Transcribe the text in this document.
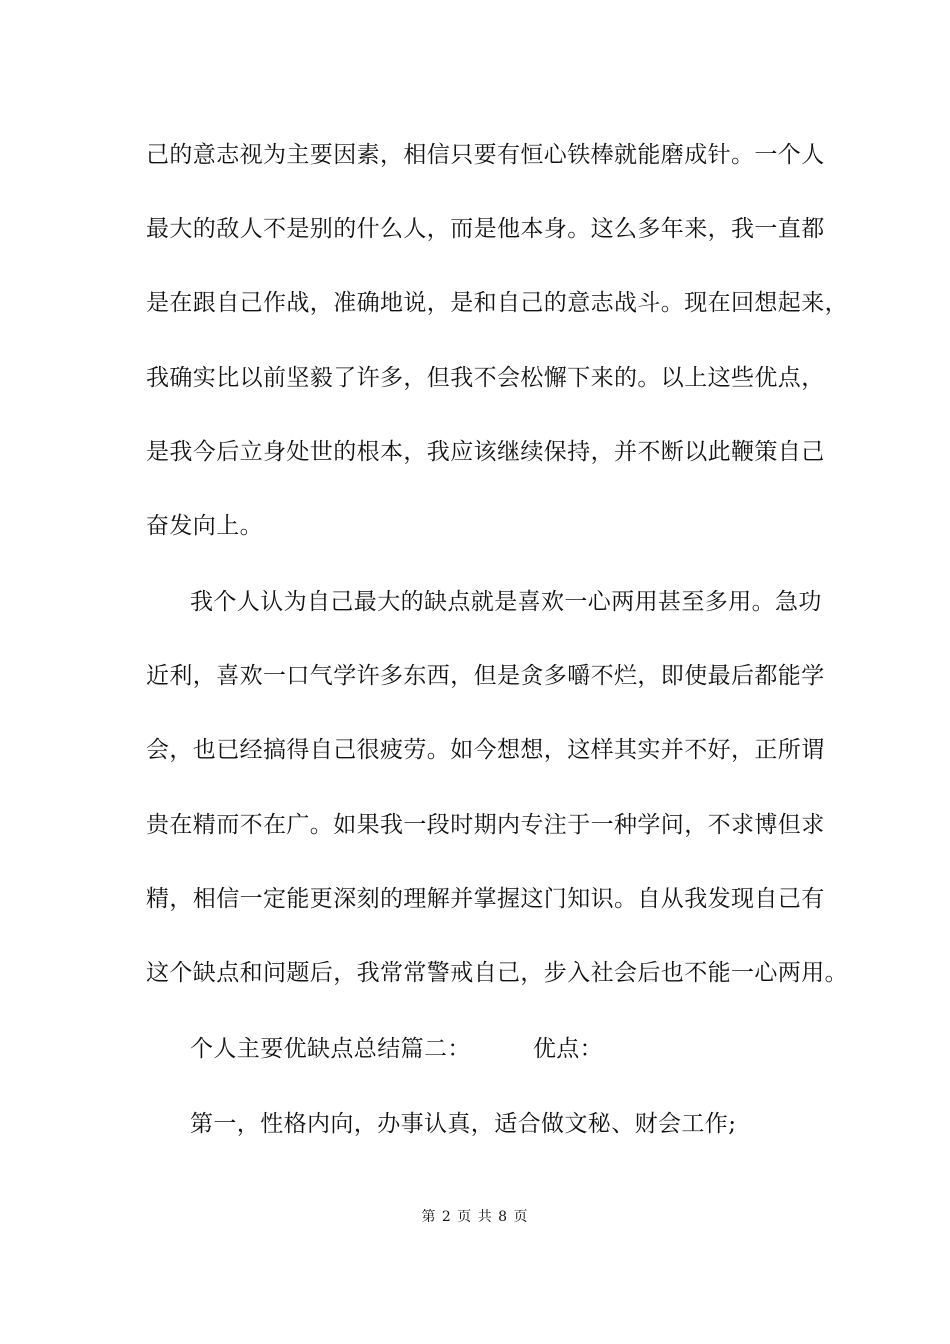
己的意志视为主要因素，相信只要有恒心铁棒就能磨成针。一个人
最大的敌人不是别的什么人，而是他本身。这么多年来，我一直都
是在跟自己作战，准确地说，是和自己的意志战斗。现在回想起来，
我确实比以前坚毅了许多，但我不会松懈下来的。以上这些优点，
是我今后立身处世的根本，我应该继续保持，并不断以此鞭策自己
奋发向上。
我个人认为自己最大的缺点就是喜欢一心两用甚至多用。急功
近利，喜欢一口气学许多东西，但是贪多嚼不烂，即使最后都能学
会，也已经搞得自己很疲劳。如今想想，这样其实并不好，正所谓
贵在精而不在广。如果我一段时期内专注于一种学问，不求博但求
精，相信一定能更深刻的理解并掌握这门知识。自从我发现自己有
这个缺点和问题后，我常常警戒自己，步入社会后也不能一心两用。
个人主要优缺点总结篇二：	优点：
第一，性格内向，办事认真，适合做文秘、财会工作;
第 2 页 共 8 页
